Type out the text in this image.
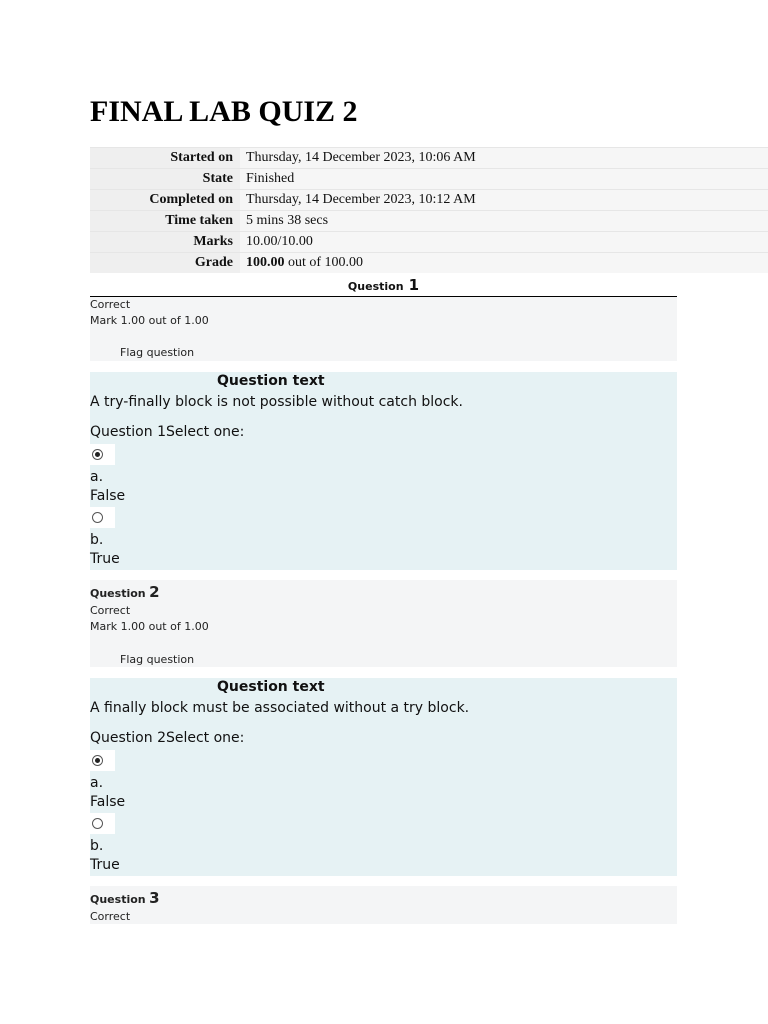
FINAL LAB QUIZ 2
Started on	Thursday, 14 December 2023, 10:06 AM
State	Finished
Completed on	Thursday, 14 December 2023, 10:12 AM
Time taken	5 mins 38 secs
Marks	10.00/10.00
Grade	100.00 out of 100.00
Question 1
Correct
Mark 1.00 out of 1.00
Flag question
Question text
A try-finally block is not possible without catch block.
Question 1Select one:
a.
False
b.
True
Question 2
Correct
Mark 1.00 out of 1.00
Flag question
Question text
A finally block must be associated without a try block.
Question 2Select one:
a.
False
b.
True
Question 3
Correct
